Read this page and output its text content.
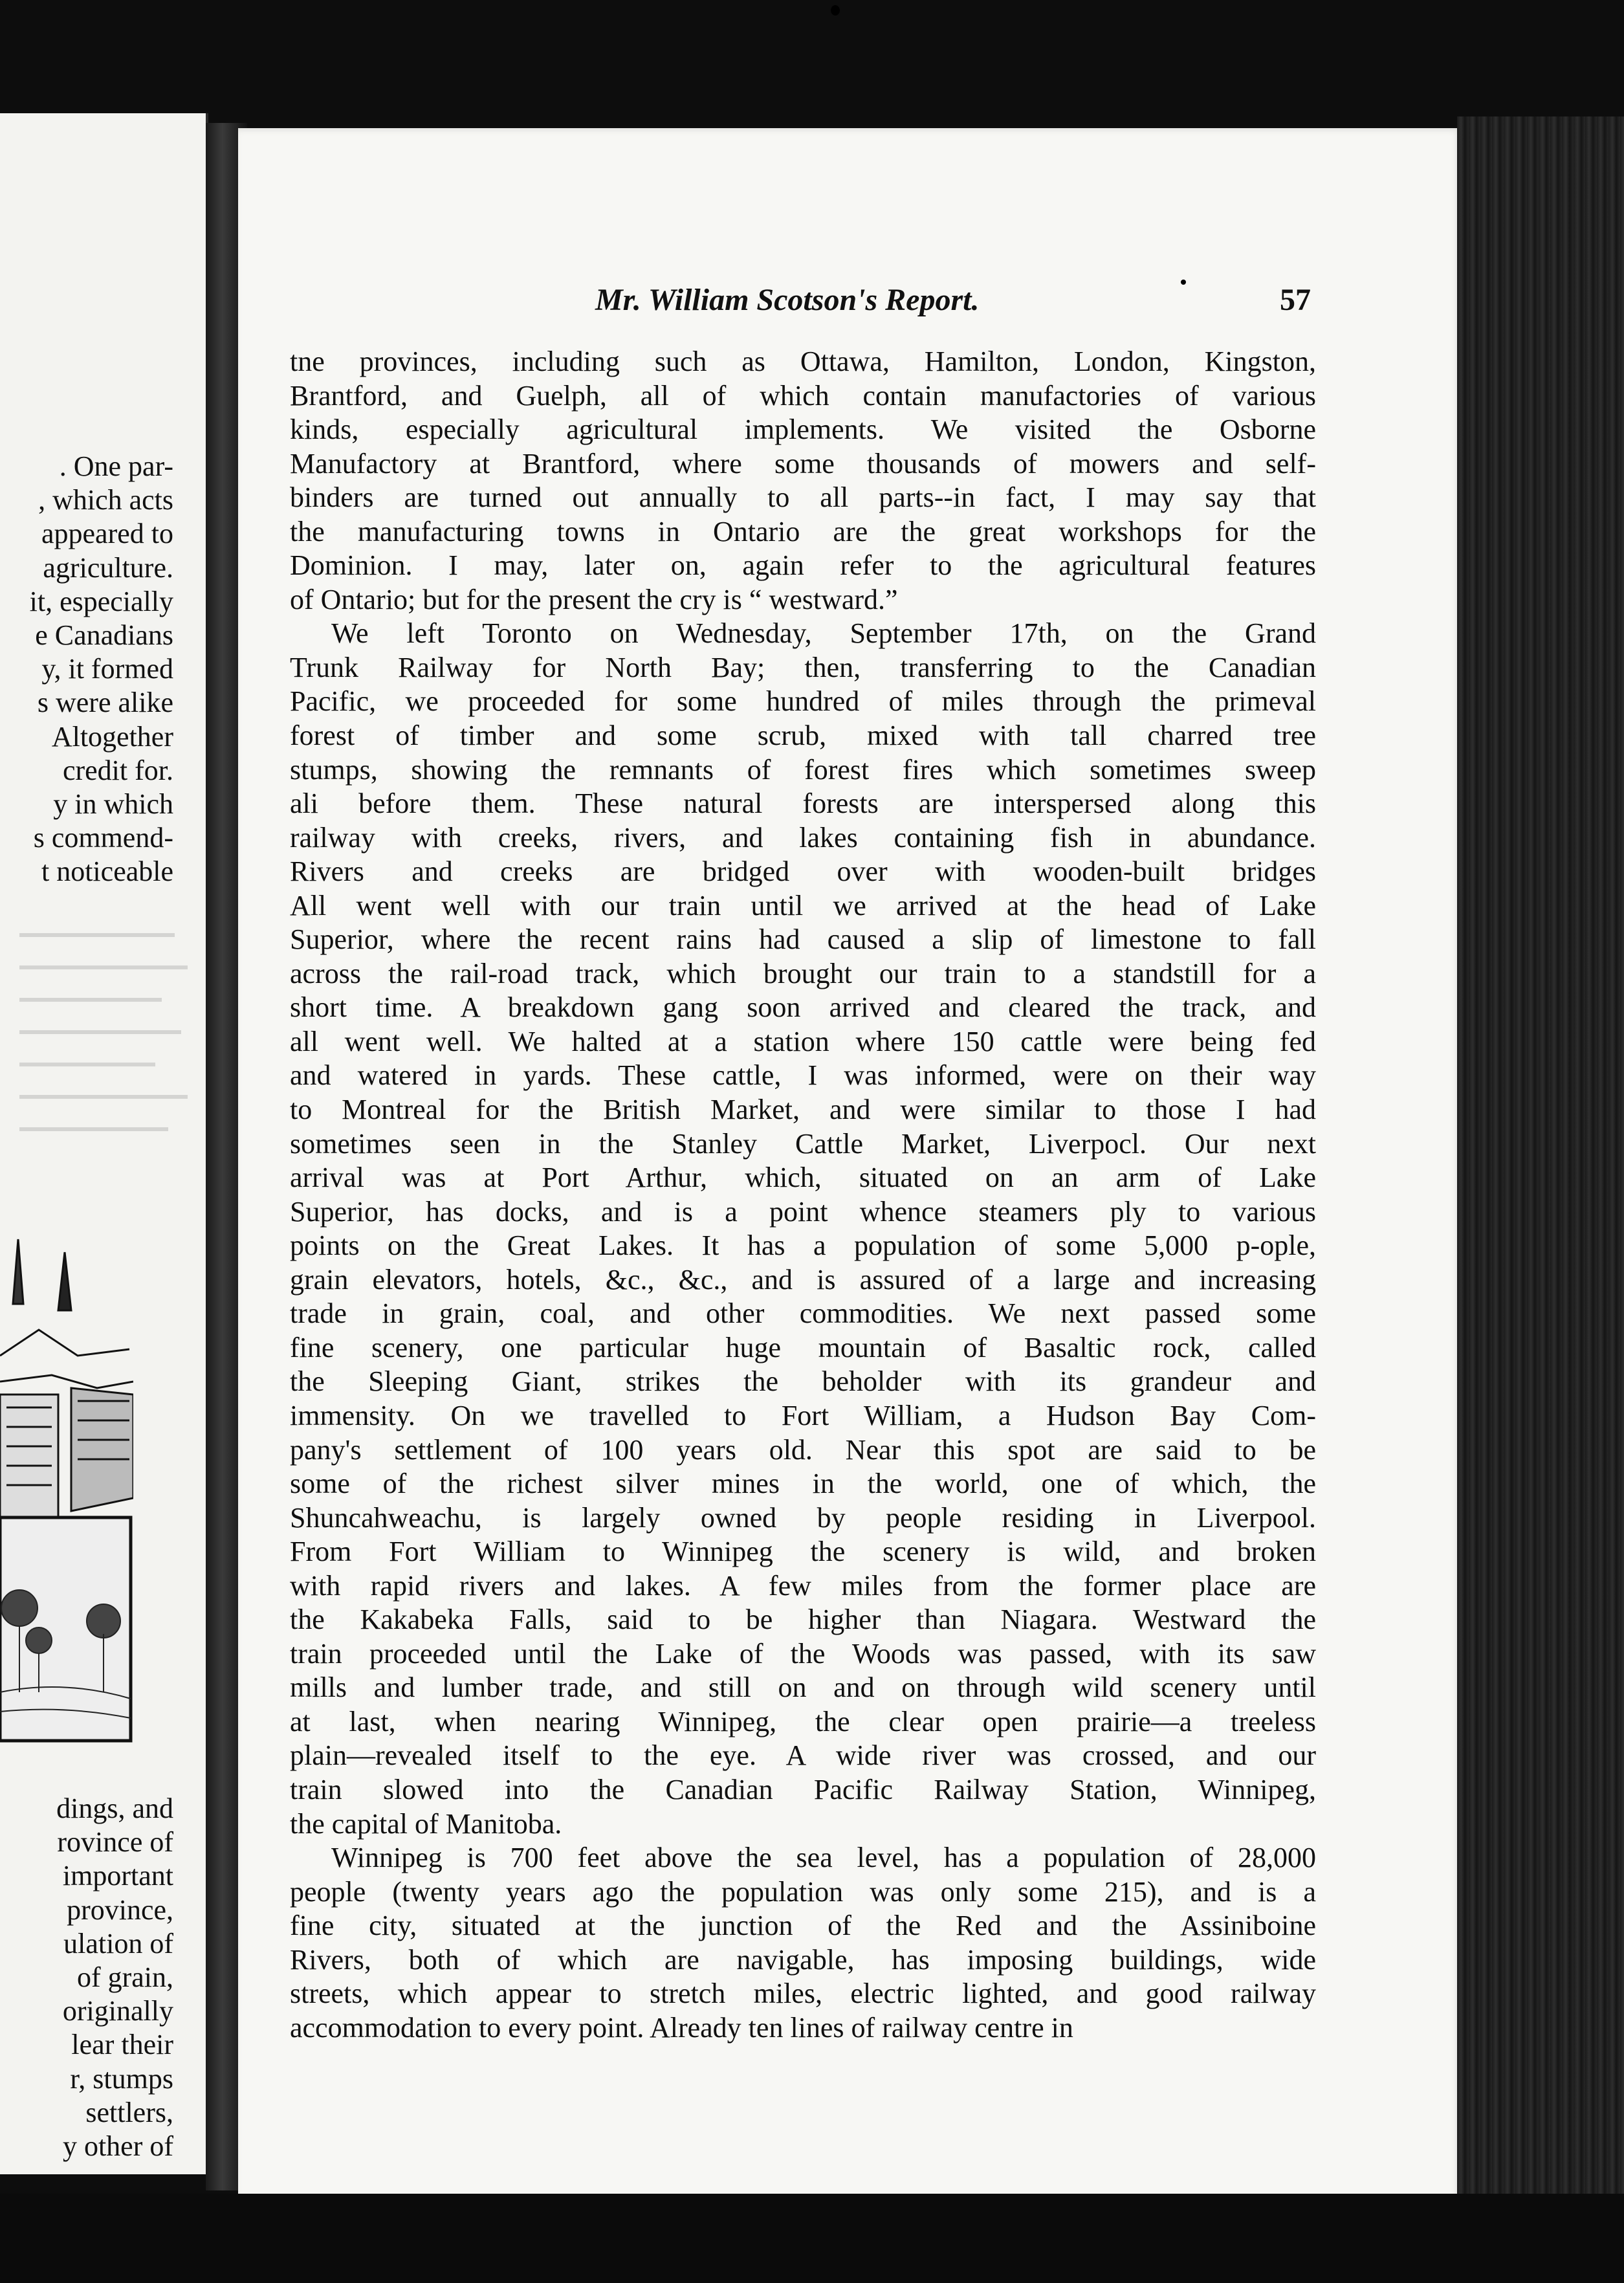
. One par-
, which acts
appeared to
agriculture.
it, especially
e Canadians
y, it formed
s were alike
Altogether
credit for.
y in which
s commend-
t noticeable
dings, and
rovince of
important
province,
ulation of
of grain,
originally
lear their
r, stumps
settlers,
y other of

Mr. William Scotson's Report.	57
tne provinces, including such as Ottawa, Hamilton, London, Kingston,
Brantford, and Guelph, all of which contain manufactories of various
kinds, especially agricultural implements. We visited the Osborne
Manufactory at Brantford, where some thousands of mowers and self-
binders are turned out annually to all parts--in fact, I may say that
the manufacturing towns in Ontario are the great workshops for the
Dominion. I may, later on, again refer to the agricultural features
of Ontario; but for the present the cry is “ westward.”
We left Toronto on Wednesday, September 17th, on the Grand
Trunk Railway for North Bay; then, transferring to the Canadian
Pacific, we proceeded for some hundred of miles through the primeval
forest of timber and some scrub, mixed with tall charred tree
stumps, showing the remnants of forest fires which sometimes sweep
ali before them. These natural forests are interspersed along this
railway with creeks, rivers, and lakes containing fish in abundance.
Rivers and creeks are bridged over with wooden-built bridges
All went well with our train until we arrived at the head of Lake
Superior, where the recent rains had caused a slip of limestone to fall
across the rail-road track, which brought our train to a standstill for a
short time. A breakdown gang soon arrived and cleared the track, and
all went well. We halted at a station where 150 cattle were being fed
and watered in yards. These cattle, I was informed, were on their way
to Montreal for the British Market, and were similar to those I had
sometimes seen in the Stanley Cattle Market, Liverpocl. Our next
arrival was at Port Arthur, which, situated on an arm of Lake
Superior, has docks, and is a point whence steamers ply to various
points on the Great Lakes. It has a population of some 5,000 p-ople,
grain elevators, hotels, &c., &c., and is assured of a large and increasing
trade in grain, coal, and other commodities. We next passed some
fine scenery, one particular huge mountain of Basaltic rock, called
the Sleeping Giant, strikes the beholder with its grandeur and
immensity. On we travelled to Fort William, a Hudson Bay Com-
pany's settlement of 100 years old. Near this spot are said to be
some of the richest silver mines in the world, one of which, the
Shuncahweachu, is largely owned by people residing in Liverpool.
From Fort William to Winnipeg the scenery is wild, and broken
with rapid rivers and lakes. A few miles from the former place are
the Kakabeka Falls, said to be higher than Niagara. Westward the
train proceeded until the Lake of the Woods was passed, with its saw
mills and lumber trade, and still on and on through wild scenery until
at last, when nearing Winnipeg, the clear open prairie—a treeless
plain—revealed itself to the eye. A wide river was crossed, and our
train slowed into the Canadian Pacific Railway Station, Winnipeg,
the capital of Manitoba.
Winnipeg is 700 feet above the sea level, has a population of 28,000
people (twenty years ago the population was only some 215), and is a
fine city, situated at the junction of the Red and the Assiniboine
Rivers, both of which are navigable, has imposing buildings, wide
streets, which appear to stretch miles, electric lighted, and good railway
accommodation to every point. Already ten lines of railway centre in
